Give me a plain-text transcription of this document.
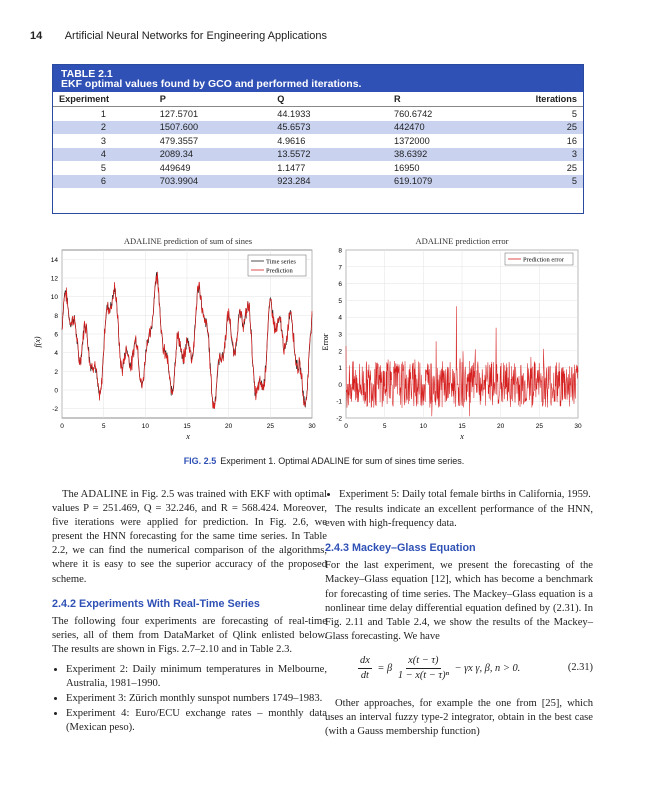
14 Artificial Neural Networks for Engineering Applications
TABLE 2.1
EKF optimal values found by GCO and performed iterations.
Experiment	P	Q	R	Iterations
1	127.5701	44.1933	760.6742	5
2	1507.600	45.6573	442470	25
3	479.3557	4.9616	1372000	16
4	2089.34	13.5572	38.6392	3
5	449649	1.1477	16950	25
6	703.9904	923.284	619.1079	5
ADALINE prediction of sum of sines
-2
0
2
4
6
8
10
12
14
0	5	10	15	20	25	30
Time series
Prediction
x
f(x)
ADALINE prediction error
-2
-1
0
1
2
3
4
5
6
7
8
0	5	10	15	20	25	30
Prediction error
x
Error
FIG. 2.5 Experiment 1. Optimal ADALINE for sum of sines time series.

The ADALINE in Fig. 2.5 was trained with EKF with optimal values P = 251.469, Q = 32.246, and R = 568.424. Moreover, five iterations were applied for prediction. In Fig. 2.6, we present the HNN forecasting for the same time series. In Table 2.2, we can find the numerical comparison of the algorithms, where it is easy to see the superior accuracy of the proposed scheme.

2.4.2 Experiments With Real-Time Series

The following four experiments are forecasting of real-time series, all of them from DataMarket of Qlink enlisted below. The results are shown in Figs. 2.7–2.10 and in Table 2.3.

• Experiment 2: Daily minimum temperatures in Melbourne, Australia, 1981–1990.
• Experiment 3: Zürich monthly sunspot numbers 1749–1983.
• Experiment 4: Euro/ECU exchange rates – monthly data (Mexican peso).
• Experiment 5: Daily total female births in California, 1959.

The results indicate an excellent performance of the HNN, even with high-frequency data.

2.4.3 Mackey–Glass Equation

For the last experiment, we present the forecasting of the Mackey–Glass equation [12], which has become a benchmark for forecasting of time series. The Mackey–Glass equation is a nonlinear time delay differential equation defined by (2.31). In Fig. 2.11 and Table 2.4, we show the results of the Mackey–Glass forecasting. We have

$\frac{dx}{dt} = \beta \frac{x(t - \tau)}{\text{1 − x(t − τ)ⁿ}} - \gamma x$ γ, β, n > 0.	(2.31)

Other approaches, for example the one from [25], which uses an interval fuzzy type-2 integrator, obtain in the best case (with a Gauss membership function)
